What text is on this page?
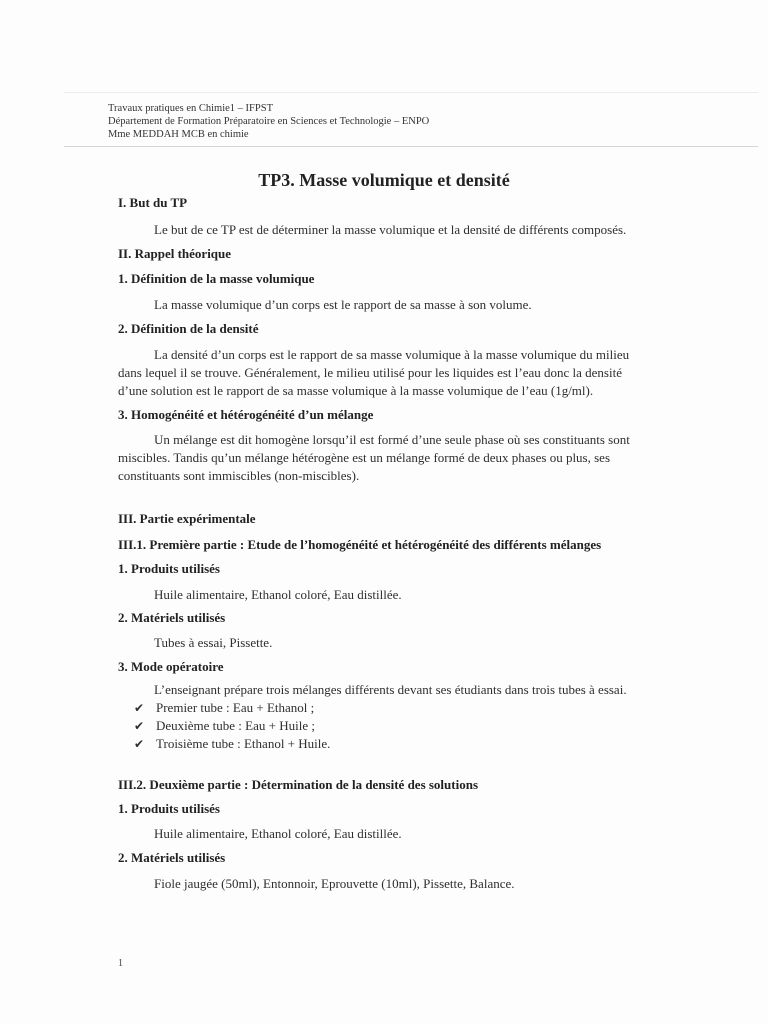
Travaux pratiques en Chimie1 – IFPST
Département de Formation Préparatoire en Sciences et Technologie – ENPO
Mme MEDDAH MCB en chimie
TP3. Masse volumique et densité
I. But du TP
Le but de ce TP est de déterminer la masse volumique et la densité de différents composés.
II. Rappel théorique
1. Définition de la masse volumique
La masse volumique d’un corps est le rapport de sa masse à son volume.
2. Définition de la densité
La densité d’un corps est le rapport de sa masse volumique à la masse volumique du milieu
dans lequel il se trouve. Généralement, le milieu utilisé pour les liquides est l’eau donc la densité
d’une solution est le rapport de sa masse volumique à la masse volumique de l’eau (1g/ml).
3. Homogénéité et hétérogénéité d’un mélange
Un mélange est dit homogène lorsqu’il est formé d’une seule phase où ses constituants sont
miscibles. Tandis qu’un mélange hétérogène est un mélange formé de deux phases ou plus, ses
constituants sont immiscibles (non-miscibles).
III. Partie expérimentale
III.1. Première partie : Etude de l’homogénéité et hétérogénéité des différents mélanges
1. Produits utilisés
Huile alimentaire, Ethanol coloré, Eau distillée.
2. Matériels utilisés
Tubes à essai, Pissette.
3. Mode opératoire
L’enseignant prépare trois mélanges différents devant ses étudiants dans trois tubes à essai.
✔ Premier tube : Eau + Ethanol ;
✔ Deuxième tube : Eau + Huile ;
✔ Troisième tube : Ethanol + Huile.
III.2. Deuxième partie : Détermination de la densité des solutions
1. Produits utilisés
Huile alimentaire, Ethanol coloré, Eau distillée.
2. Matériels utilisés
Fiole jaugée (50ml), Entonnoir, Eprouvette (10ml), Pissette, Balance.
1
